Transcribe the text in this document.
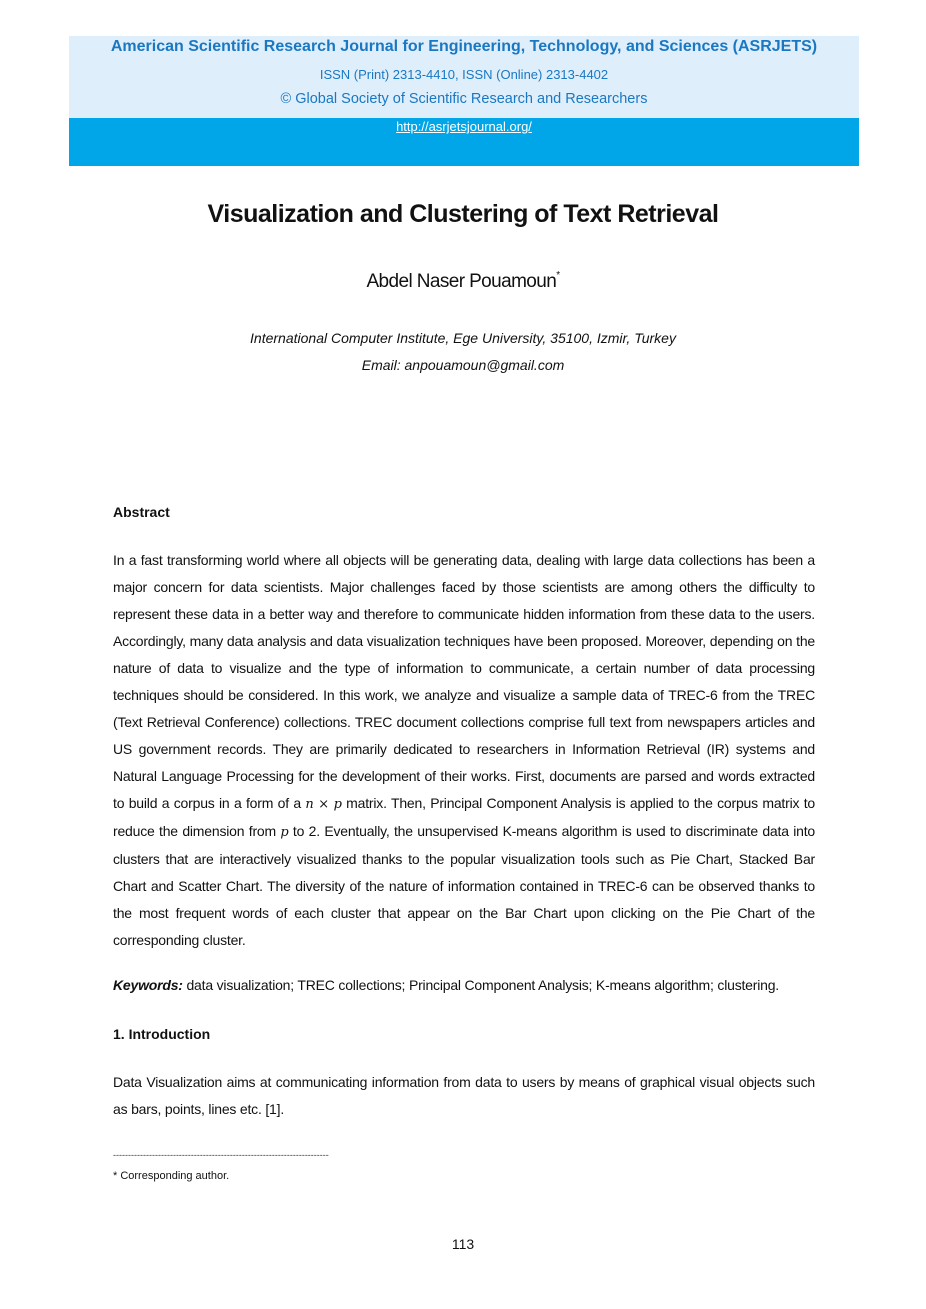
American Scientific Research Journal for Engineering, Technology, and Sciences (ASRJETS)
ISSN (Print) 2313-4410, ISSN (Online) 2313-4402
© Global Society of Scientific Research and Researchers
http://asrjetsjournal.org/
Visualization and Clustering of Text Retrieval
Abdel Naser Pouamoun*
International Computer Institute, Ege University, 35100, Izmir, Turkey
Email: anpouamoun@gmail.com
Abstract
In a fast transforming world where all objects will be generating data, dealing with large data collections has been a major concern for data scientists. Major challenges faced by those scientists are among others the difficulty to represent these data in a better way and therefore to communicate hidden information from these data to the users. Accordingly, many data analysis and data visualization techniques have been proposed. Moreover, depending on the nature of data to visualize and the type of information to communicate, a certain number of data processing techniques should be considered. In this work, we analyze and visualize a sample data of TREC-6 from the TREC (Text Retrieval Conference) collections. TREC document collections comprise full text from newspapers articles and US government records. They are primarily dedicated to researchers in Information Retrieval (IR) systems and Natural Language Processing for the development of their works. First, documents are parsed and words extracted to build a corpus in a form of a n × p matrix. Then, Principal Component Analysis is applied to the corpus matrix to reduce the dimension from p to 2. Eventually, the unsupervised K-means algorithm is used to discriminate data into clusters that are interactively visualized thanks to the popular visualization tools such as Pie Chart, Stacked Bar Chart and Scatter Chart. The diversity of the nature of information contained in TREC-6 can be observed thanks to the most frequent words of each cluster that appear on the Bar Chart upon clicking on the Pie Chart of the corresponding cluster.
Keywords: data visualization; TREC collections; Principal Component Analysis; K-means algorithm; clustering.
1. Introduction
Data Visualization aims at communicating information from data to users by means of graphical visual objects such as bars, points, lines etc. [1].
------------------------------------------------------------------------
* Corresponding author.
113
